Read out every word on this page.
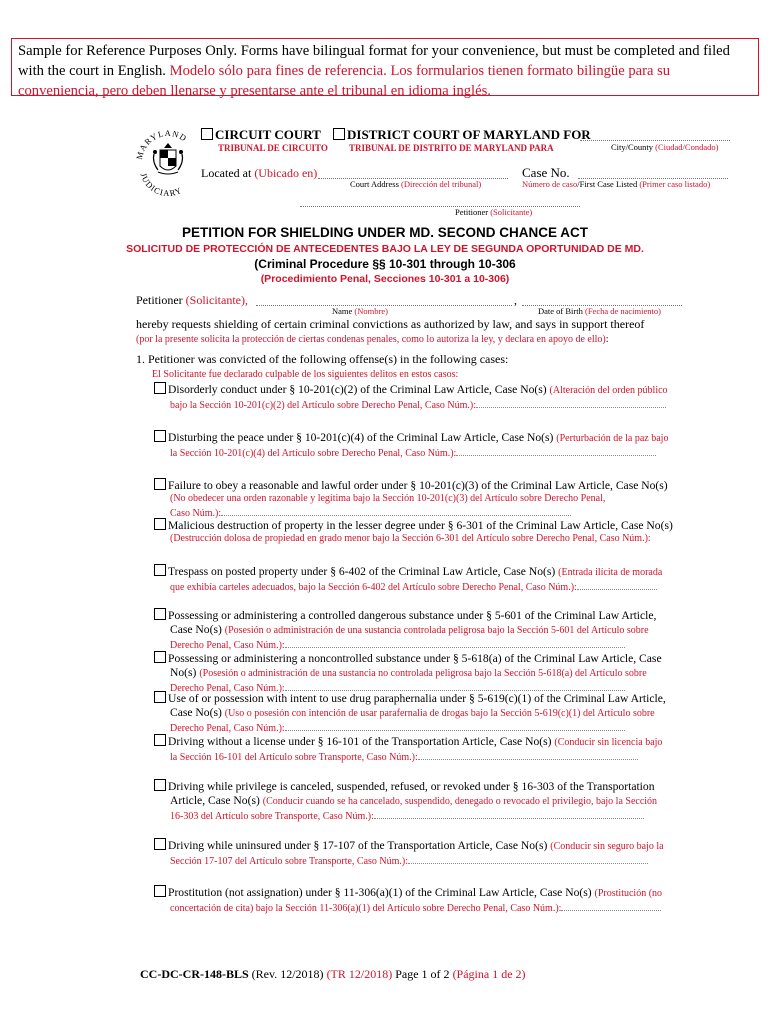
Sample for Reference Purposes Only. Forms have bilingual format for your convenience, but must be completed and filed with the court in English. Modelo sólo para fines de referencia. Los formularios tienen formato bilingüe para su conveniencia, pero deben llenarse y presentarse ante el tribunal en idioma inglés.
ARYLAND
JUDICIARY
CIRCUIT COURT
TRIBUNAL DE CIRCUITO
DISTRICT COURT OF MARYLAND FOR
TRIBUNAL DE DISTRITO DE MARYLAND PARA	City/County (Ciudad/Condado)
Located at (Ubicado en)
Court Address (Dirección del tribunal)
Case No.
Número de caso/First Case Listed (Primer caso listado)
Petitioner (Solicitante)
PETITION FOR SHIELDING UNDER MD. SECOND CHANCE ACT
SOLICITUD DE PROTECCIÓN DE ANTECEDENTES BAJO LA LEY DE SEGUNDA OPORTUNIDAD DE MD.
(Criminal Procedure §§ 10-301 through 10-306
(Procedimiento Penal, Secciones 10-301 a 10-306)
Petitioner (Solicitante),	,
Name (Nombre)	Date of Birth (Fecha de nacimiento)
hereby requests shielding of certain criminal convictions as authorized by law, and says in support thereof
(por la presente solicita la protección de ciertas condenas penales, como lo autoriza la ley, y declara en apoyo de ello):
1. Petitioner was convicted of the following offense(s) in the following cases:
El Solicitante fue declarado culpable de los siguientes delitos en estos casos:
Disorderly conduct under § 10-201(c)(2) of the Criminal Law Article, Case No(s) (Alteración del orden público
bajo la Sección 10-201(c)(2) del Artículo sobre Derecho Penal, Caso Núm.):
Disturbing the peace under § 10-201(c)(4) of the Criminal Law Article, Case No(s) (Perturbación de la paz bajo
la Sección 10-201(c)(4) del Artículo sobre Derecho Penal, Caso Núm.):
Failure to obey a reasonable and lawful order under § 10-201(c)(3) of the Criminal Law Article, Case No(s)
(No obedecer una orden razonable y legítima bajo la Sección 10-201(c)(3) del Artículo sobre Derecho Penal,
Caso Núm.):
Malicious destruction of property in the lesser degree under § 6-301 of the Criminal Law Article, Case No(s)
(Destrucción dolosa de propiedad en grado menor bajo la Sección 6-301 del Artículo sobre Derecho Penal, Caso Núm.):
Trespass on posted property under § 6-402 of the Criminal Law Article, Case No(s) (Entrada ilícita de morada
que exhibía carteles adecuados, bajo la Sección 6-402 del Artículo sobre Derecho Penal, Caso Núm.):
Possessing or administering a controlled dangerous substance under § 5-601 of the Criminal Law Article,
Case No(s) (Posesión o administración de una sustancia controlada peligrosa bajo la Sección 5-601 del Artículo sobre
Derecho Penal, Caso Núm.):
Possessing or administering a noncontrolled substance under § 5-618(a) of the Criminal Law Article, Case
No(s) (Posesión o administración de una sustancia no controlada peligrosa bajo la Sección 5-618(a) del Artículo sobre
Derecho Penal, Caso Núm.):
Use of or possession with intent to use drug paraphernalia under § 5-619(c)(1) of the Criminal Law Article,
Case No(s) (Uso o posesión con intención de usar parafernalia de drogas bajo la Sección 5-619(c)(1) del Artículo sobre
Derecho Penal, Caso Núm.):
Driving without a license under § 16-101 of the Transportation Article, Case No(s) (Conducir sin licencia bajo
la Sección 16-101 del Artículo sobre Transporte, Caso Núm.):
Driving while privilege is canceled, suspended, refused, or revoked under § 16-303 of the Transportation
Article, Case No(s) (Conducir cuando se ha cancelado, suspendido, denegado o revocado el privilegio, bajo la Sección
16-303 del Artículo sobre Transporte, Caso Núm.):
Driving while uninsured under § 17-107 of the Transportation Article, Case No(s) (Conducir sin seguro bajo la
Sección 17-107 del Artículo sobre Transporte, Caso Núm.):
Prostitution (not assignation) under § 11-306(a)(1) of the Criminal Law Article, Case No(s) (Prostitución (no
concertación de cita) bajo la Sección 11-306(a)(1) del Artículo sobre Derecho Penal, Caso Núm.):
CC-DC-CR-148-BLS (Rev. 12/2018) (TR 12/2018) Page 1 of 2 (Página 1 de 2)
